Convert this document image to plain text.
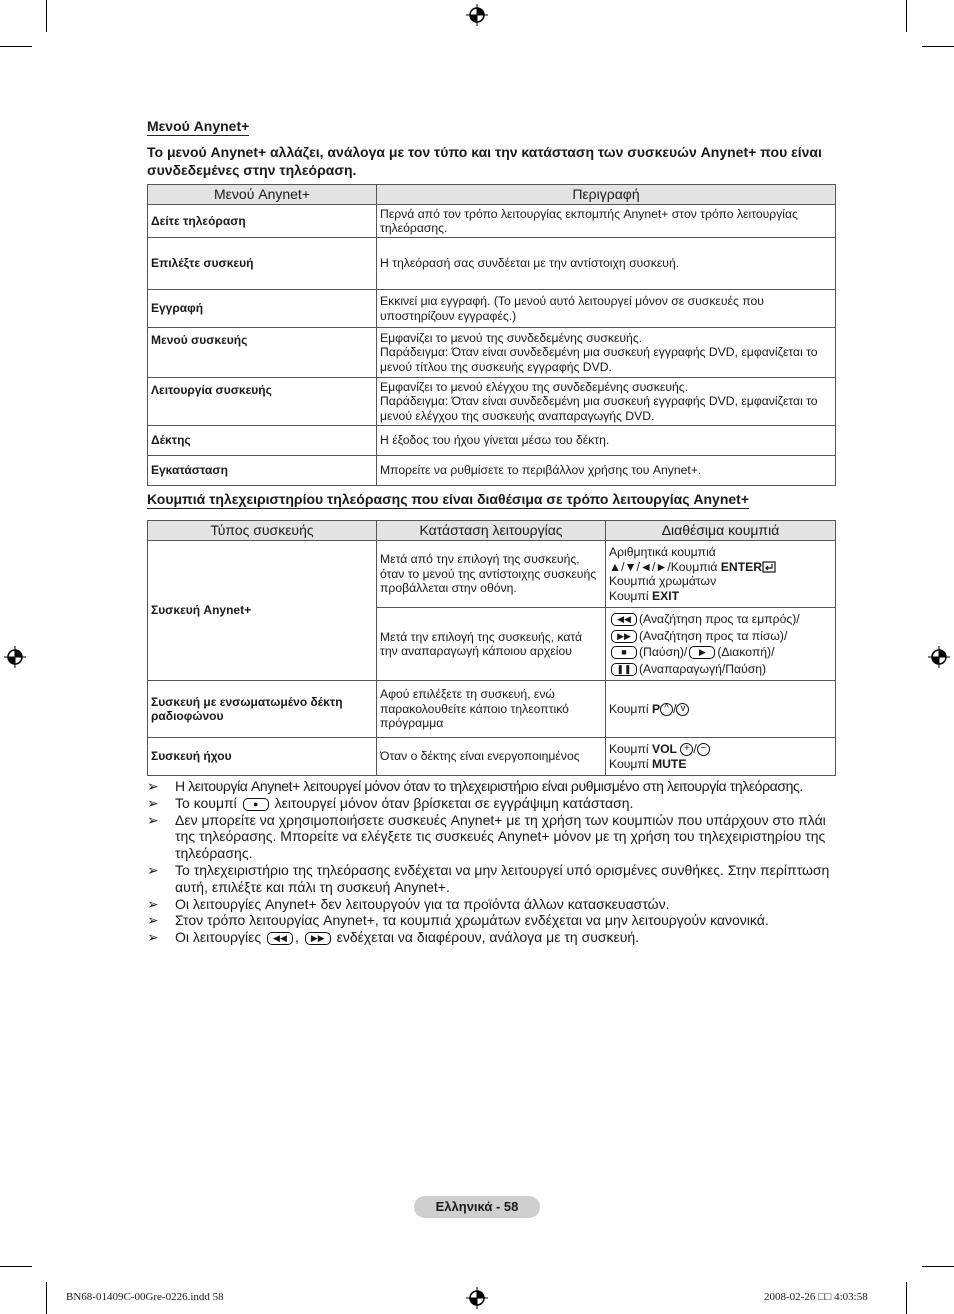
Μενού Anynet+
Το μενού Anynet+ αλλάζει, ανάλογα με τον τύπο και την κατάσταση των συσκευών Anynet+ που είναι συνδεδεμένες στην τηλεόραση.
Μενού Anynet+	Περιγραφή
Δείτε τηλεόραση	Περνά από τον τρόπο λειτουργίας εκπομπής Anynet+ στον τρόπο λειτουργίας τηλεόρασης.
Επιλέξτε συσκευή	Η τηλεόρασή σας συνδέεται με την αντίστοιχη συσκευή.
Εγγραφή	Εκκινεί μια εγγραφή. (Το μενού αυτό λειτουργεί μόνον σε συσκευές που υποστηρίζουν εγγραφές.)
Μενού συσκευής	Εμφανίζει το μενού της συνδεδεμένης συσκευής.
Παράδειγμα: Όταν είναι συνδεδεμένη μια συσκευή εγγραφής DVD, εμφανίζεται το μενού τίτλου της συσκευής εγγραφής DVD.

Λειτουργία συσκευής	Εμφανίζει το μενού ελέγχου της συνδεδεμένης συσκευής.
Παράδειγμα: Όταν είναι συνδεδεμένη μια συσκευή εγγραφής DVD, εμφανίζεται το μενού ελέγχου της συσκευής αναπαραγωγής DVD.

Δέκτης	Η έξοδος του ήχου γίνεται μέσω του δέκτη.
Εγκατάσταση	Μπορείτε να ρυθμίσετε το περιβάλλον χρήσης του Anynet+.
Κουμπιά τηλεχειριστηρίου τηλεόρασης που είναι διαθέσιμα σε τρόπο λειτουργίας Anynet+
Τύπος συσκευής	Κατάσταση λειτουργίας	Διαθέσιμα κουμπιά
Συσκευή Anynet+	Μετά από την επιλογή της συσκευής, όταν το μενού της αντίστοιχης συσκευής προβάλλεται στην οθόνη.	Αριθμητικά κουμπιά
▲/▼/◄/►/Κουμπιά ENTER
Κουμπιά χρωμάτων
Κουμπί EXIT

	Μετά την επιλογή της συσκευής, κατά την αναπαραγωγή κάποιου αρχείου	◀◀ (Αναζήτηση προς τα εμπρός)/
▶▶ (Αναζήτηση προς τα πίσω)/
■ (Παύση)/ ▶ (Διακοπή)/
❚❚ (Αναπαραγωγή/Παύση)

Συσκευή με ενσωματωμένο δέκτη ραδιοφώνου	Αφού επιλέξετε τη συσκευή, ενώ παρακολουθείτε κάποιο τηλεοπτικό πρόγραμμα	Κουμπί P ^ / v
Συσκευή ήχου	Όταν ο δέκτης είναι ενεργοποιημένος	Κουμπί VOL + / −
Κουμπί MUTE
➢ Η λειτουργία Anynet+ λειτουργεί μόνον όταν το τηλεχειριστήριο είναι ρυθμισμένο στη λειτουργία τηλεόρασης.
➢ Το κουμπί ● λειτουργεί μόνον όταν βρίσκεται σε εγγράψιμη κατάσταση.
➢ Δεν μπορείτε να χρησιμοποιήσετε συσκευές Anynet+ με τη χρήση των κουμπιών που υπάρχουν στο πλάι της τηλεόρασης. Μπορείτε να ελέγξετε τις συσκευές Anynet+ μόνον με τη χρήση του τηλεχειριστηρίου της τηλεόρασης.
➢ Το τηλεχειριστήριο της τηλεόρασης ενδέχεται να μην λειτουργεί υπό ορισμένες συνθήκες. Στην περίπτωση αυτή, επιλέξτε και πάλι τη συσκευή Anynet+.
➢ Οι λειτουργίες Anynet+ δεν λειτουργούν για τα προϊόντα άλλων κατασκευαστών.
➢ Στον τρόπο λειτουργίας Anynet+, τα κουμπιά χρωμάτων ενδέχεται να μην λειτουργούν κανονικά.
➢ Οι λειτουργίες ◀◀ , ▶▶ ενδέχεται να διαφέρουν, ανάλογα με τη συσκευή.
Ελληνικά - 58
BN68-01409C-00Gre-0226.indd 58	2008-02-26 □□ 4:03:58
